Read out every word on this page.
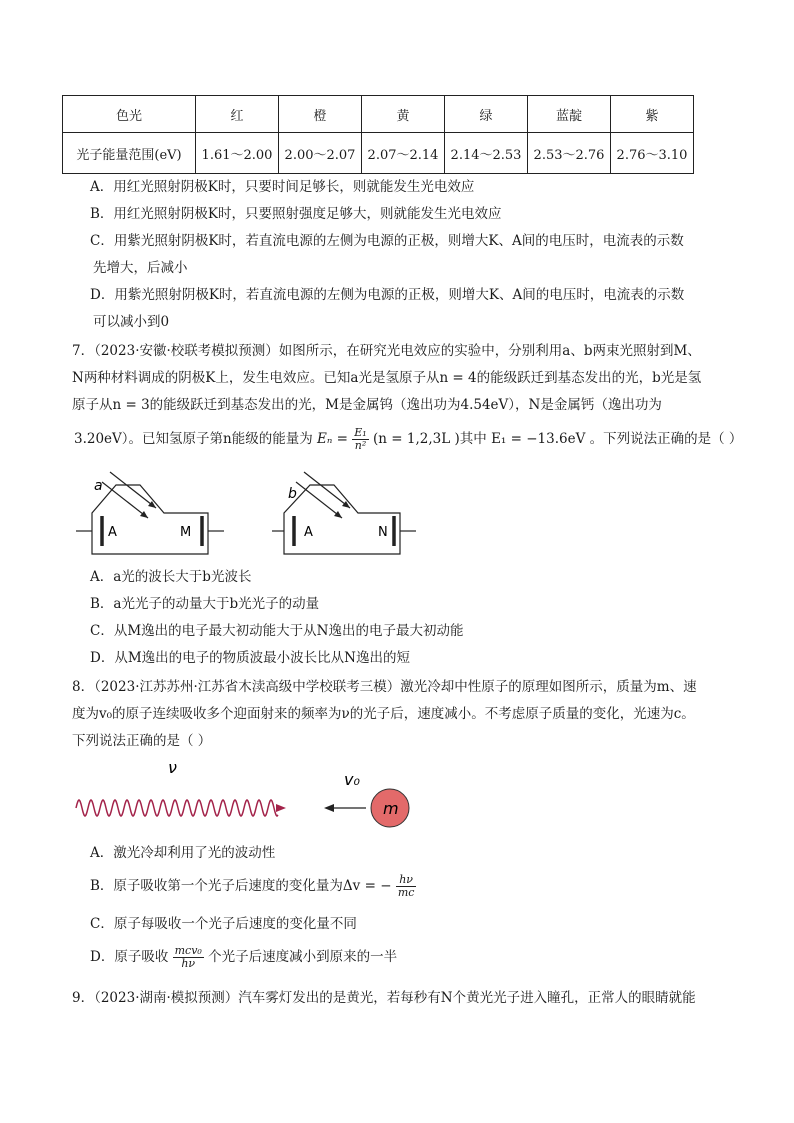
色光	红	橙	黄	绿	蓝靛	紫
光子能量范围(eV)	1.61～2.00	2.00～2.07	2.07～2.14	2.14～2.53	2.53～2.76	2.76～3.10
A．用红光照射阴极K时，只要时间足够长，则就能发生光电效应
B．用红光照射阴极K时，只要照射强度足够大，则就能发生光电效应
C．用紫光照射阴极K时，若直流电源的左侧为电源的正极，则增大K、A间的电压时，电流表的示数
先增大，后减小
D．用紫光照射阴极K时，若直流电源的左侧为电源的正极，则增大K、A间的电压时，电流表的示数
可以减小到0
7．（2023·安徽·校联考模拟预测）如图所示，在研究光电效应的实验中，分别利用a、b两束光照射到M、
N两种材料调成的阴极K上，发生电效应。已知a光是氢原子从n = 4的能级跃迁到基态发出的光，b光是氢
原子从n = 3的能级跃迁到基态发出的光，M是金属钨（逸出功为4.54eV），N是金属钙（逸出功为
3.20eV）。已知氢原子第n能级的能量为 $E_n = \frac{\text{E₁}}{\text{n²}} (n = 1,2,3L$ )其中 E₁ = −13.6eV 。下列说法正确的是（ ）
a
A	M
b
A	N
A．a光的波长大于b光波长
B．a光光子的动量大于b光光子的动量
C．从M逸出的电子最大初动能大于从N逸出的电子最大初动能
D．从M逸出的电子的物质波最小波长比从N逸出的短
8．（2023·江苏苏州·江苏省木渎高级中学校联考三模）激光冷却中性原子的原理如图所示，质量为m、速
度为v₀的原子连续吸收多个迎面射来的频率为ν的光子后，速度减小。不考虑原子质量的变化，光速为c。
下列说法正确的是（ ）
ν
v₀
m
A．激光冷却利用了光的波动性
B．原子吸收第一个光子后速度的变化量为Δv = − $\frac{h\nu}{mc}$
C．原子每吸收一个光子后速度的变化量不同
D．原子吸收 $\frac{\text{mcv₀}}{h\nu}$ 个光子后速度减小到原来的一半
9．（2023·湖南·模拟预测）汽车雾灯发出的是黄光，若每秒有N个黄光光子进入瞳孔，正常人的眼睛就能
